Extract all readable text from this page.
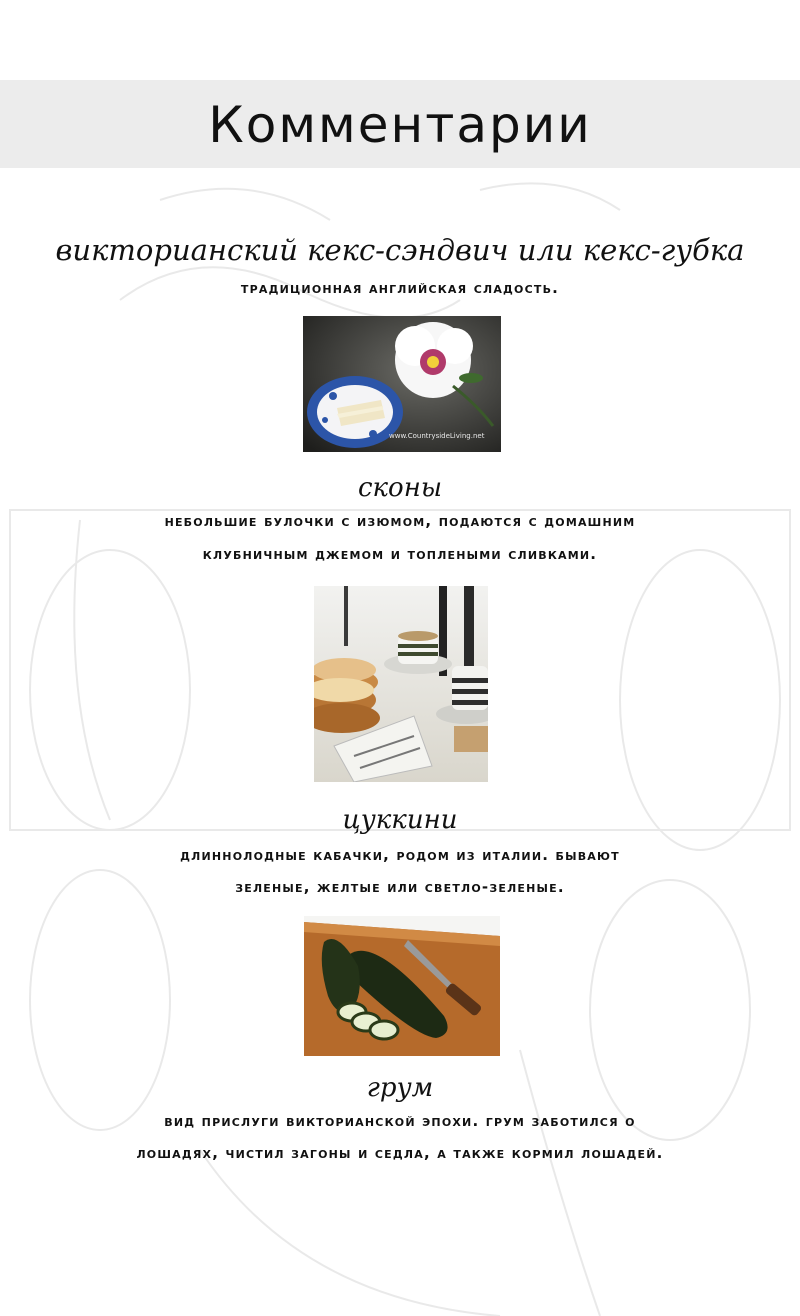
Комментарии
викторианский кекс-сэндвич или кекс-губка
традиционная английская сладость.
www.CountrysideLiving.net
сконы
небольшие булочки с изюмом, подаются с домашним
клубничным джемом и топлеными сливками.
цуккини
длиннолодные кабачки, родом из италии. бывают
зеленые, желтые или светло-зеленые.
грум
вид прислуги викторианской эпохи. грум заботился о
лошадях, чистил загоны и седла, а также кормил лошадей.
